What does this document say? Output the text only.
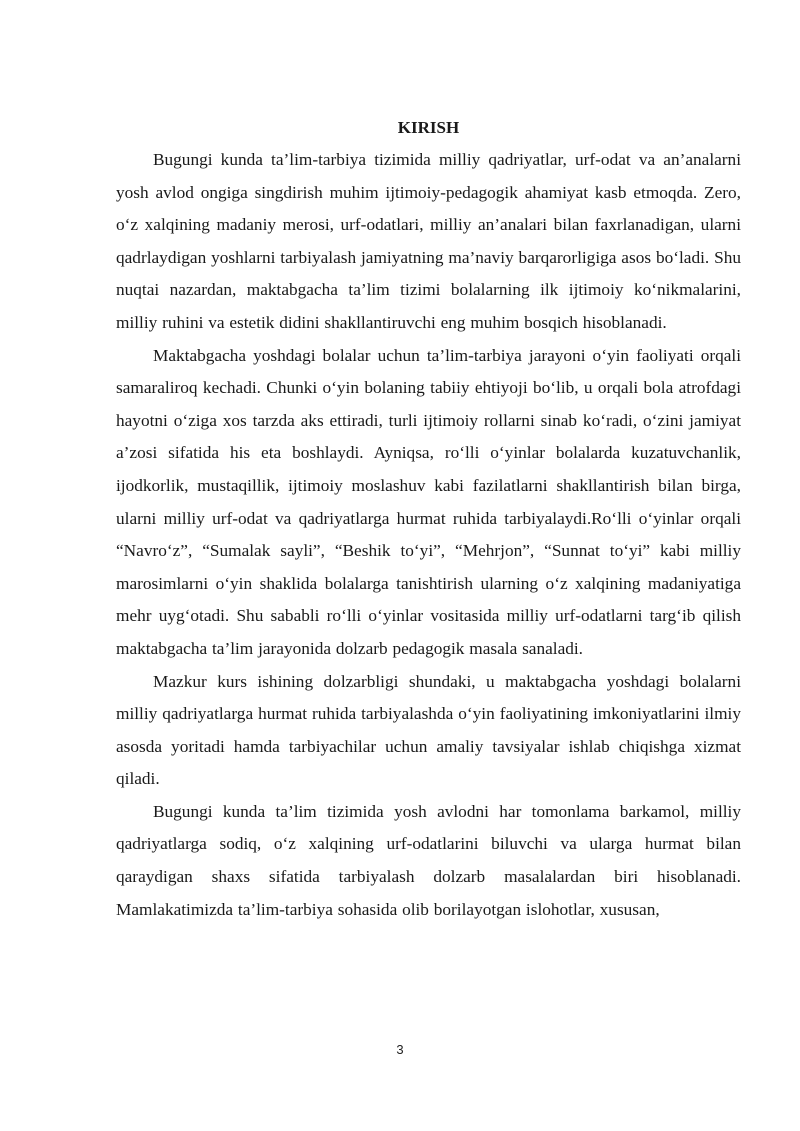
KIRISH

Bugungi kunda ta’lim-tarbiya tizimida milliy qadriyatlar, urf-odat va an’analarni yosh avlod ongiga singdirish muhim ijtimoiy-pedagogik ahamiyat kasb etmoqda. Zero, o‘z xalqining madaniy merosi, urf-odatlari, milliy an’analari bilan faxrlanadigan, ularni qadrlaydigan yoshlarni tarbiyalash jamiyatning ma’naviy barqarorligiga asos bo‘ladi. Shu nuqtai nazardan, maktabgacha ta’lim tizimi bolalarning ilk ijtimoiy ko‘nikmalarini, milliy ruhini va estetik didini shakllantiruvchi eng muhim bosqich hisoblanadi.

Maktabgacha yoshdagi bolalar uchun ta’lim-tarbiya jarayoni o‘yin faoliyati orqali samaraliroq kechadi. Chunki o‘yin bolaning tabiiy ehtiyoji bo‘lib, u orqali bola atrofdagi hayotni o‘ziga xos tarzda aks ettiradi, turli ijtimoiy rollarni sinab ko‘radi, o‘zini jamiyat a’zosi sifatida his eta boshlaydi. Ayniqsa, ro‘lli o‘yinlar bolalarda kuzatuvchanlik, ijodkorlik, mustaqillik, ijtimoiy moslashuv kabi fazilatlarni shakllantirish bilan birga, ularni milliy urf-odat va qadriyatlarga hurmat ruhida tarbiyalaydi.Ro‘lli o‘yinlar orqali “Navro‘z”, “Sumalak sayli”, “Beshik to‘yi”, “Mehrjon”, “Sunnat to‘yi” kabi milliy marosimlarni o‘yin shaklida bolalarga tanishtirish ularning o‘z xalqining madaniyatiga mehr uyg‘otadi. Shu sababli ro‘lli o‘yinlar vositasida milliy urf-odatlarni targ‘ib qilish maktabgacha ta’lim jarayonida dolzarb pedagogik masala sanaladi.

Mazkur kurs ishining dolzarbligi shundaki, u maktabgacha yoshdagi bolalarni milliy qadriyatlarga hurmat ruhida tarbiyalashda o‘yin faoliyatining imkoniyatlarini ilmiy asosda yoritadi hamda tarbiyachilar uchun amaliy tavsiyalar ishlab chiqishga xizmat qiladi.

Bugungi kunda ta’lim tizimida yosh avlodni har tomonlama barkamol, milliy qadriyatlarga sodiq, o‘z xalqining urf-odatlarini biluvchi va ularga hurmat bilan qaraydigan shaxs sifatida tarbiyalash dolzarb masalalardan biri hisoblanadi. Mamlakatimizda ta’lim-tarbiya sohasida olib borilayotgan islohotlar, xususan,

3
